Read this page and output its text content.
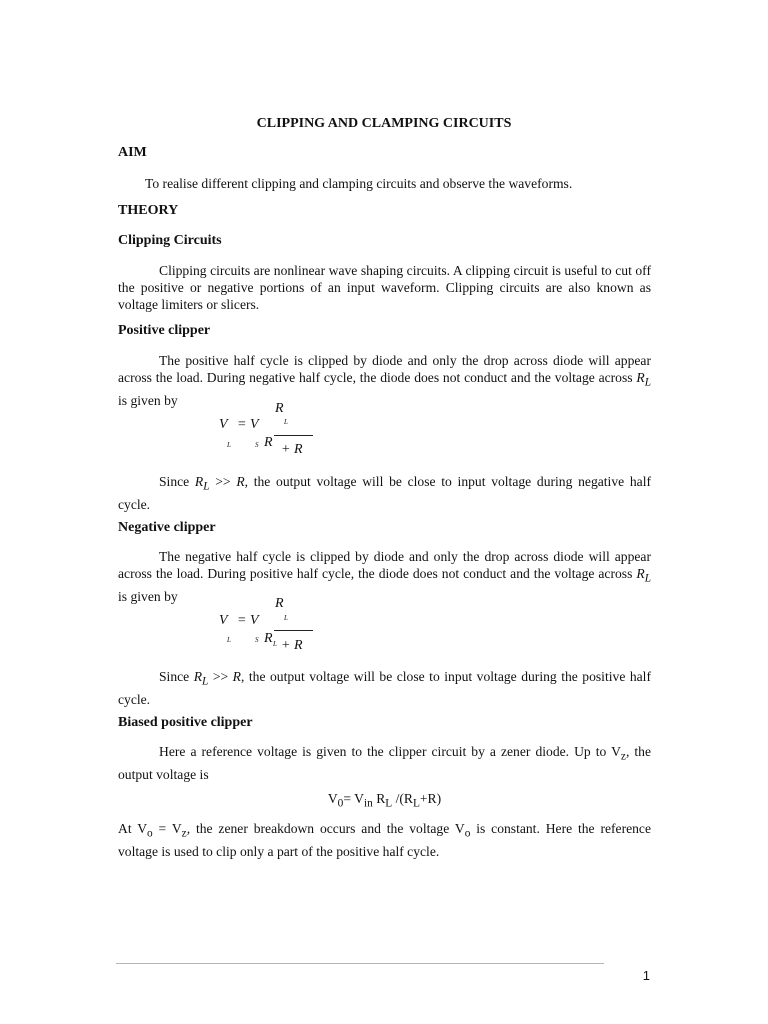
CLIPPING AND CLAMPING CIRCUITS
AIM
To realise different clipping and clamping circuits and observe the waveforms.
THEORY
Clipping Circuits
Clipping circuits are nonlinear wave shaping circuits. A clipping circuit is useful to cut off the positive or negative portions of an input waveform. Clipping circuits are also known as voltage limiters or slicers.
Positive clipper
The positive half cycle is clipped by diode and only the drop across diode will appear across the load. During negative half cycle, the diode does not conduct and the voltage across $R_L$ is given by
R
L
V = V
L	S R + R
Since $R_L >> R$, the output voltage will be close to input voltage during negative half cycle.
Negative clipper
The negative half cycle is clipped by diode and only the drop across diode will appear across the load. During positive half cycle, the diode does not conduct and the voltage across $R_L$ is given by	R
L
V = V
L	S R L + R
Since $R_L >> R$, the output voltage will be close to input voltage during the positive half cycle.
Biased positive clipper
Here a reference voltage is given to the clipper circuit by a zener diode. Up to $V_z$, the output voltage is
$V_0= V_{in}$ $R_L$ $/(R_L+R)$
At $V_o = V_z$, the zener breakdown occurs and the voltage $V_o$ is constant. Here the reference voltage is used to clip only a part of the positive half cycle.
1
